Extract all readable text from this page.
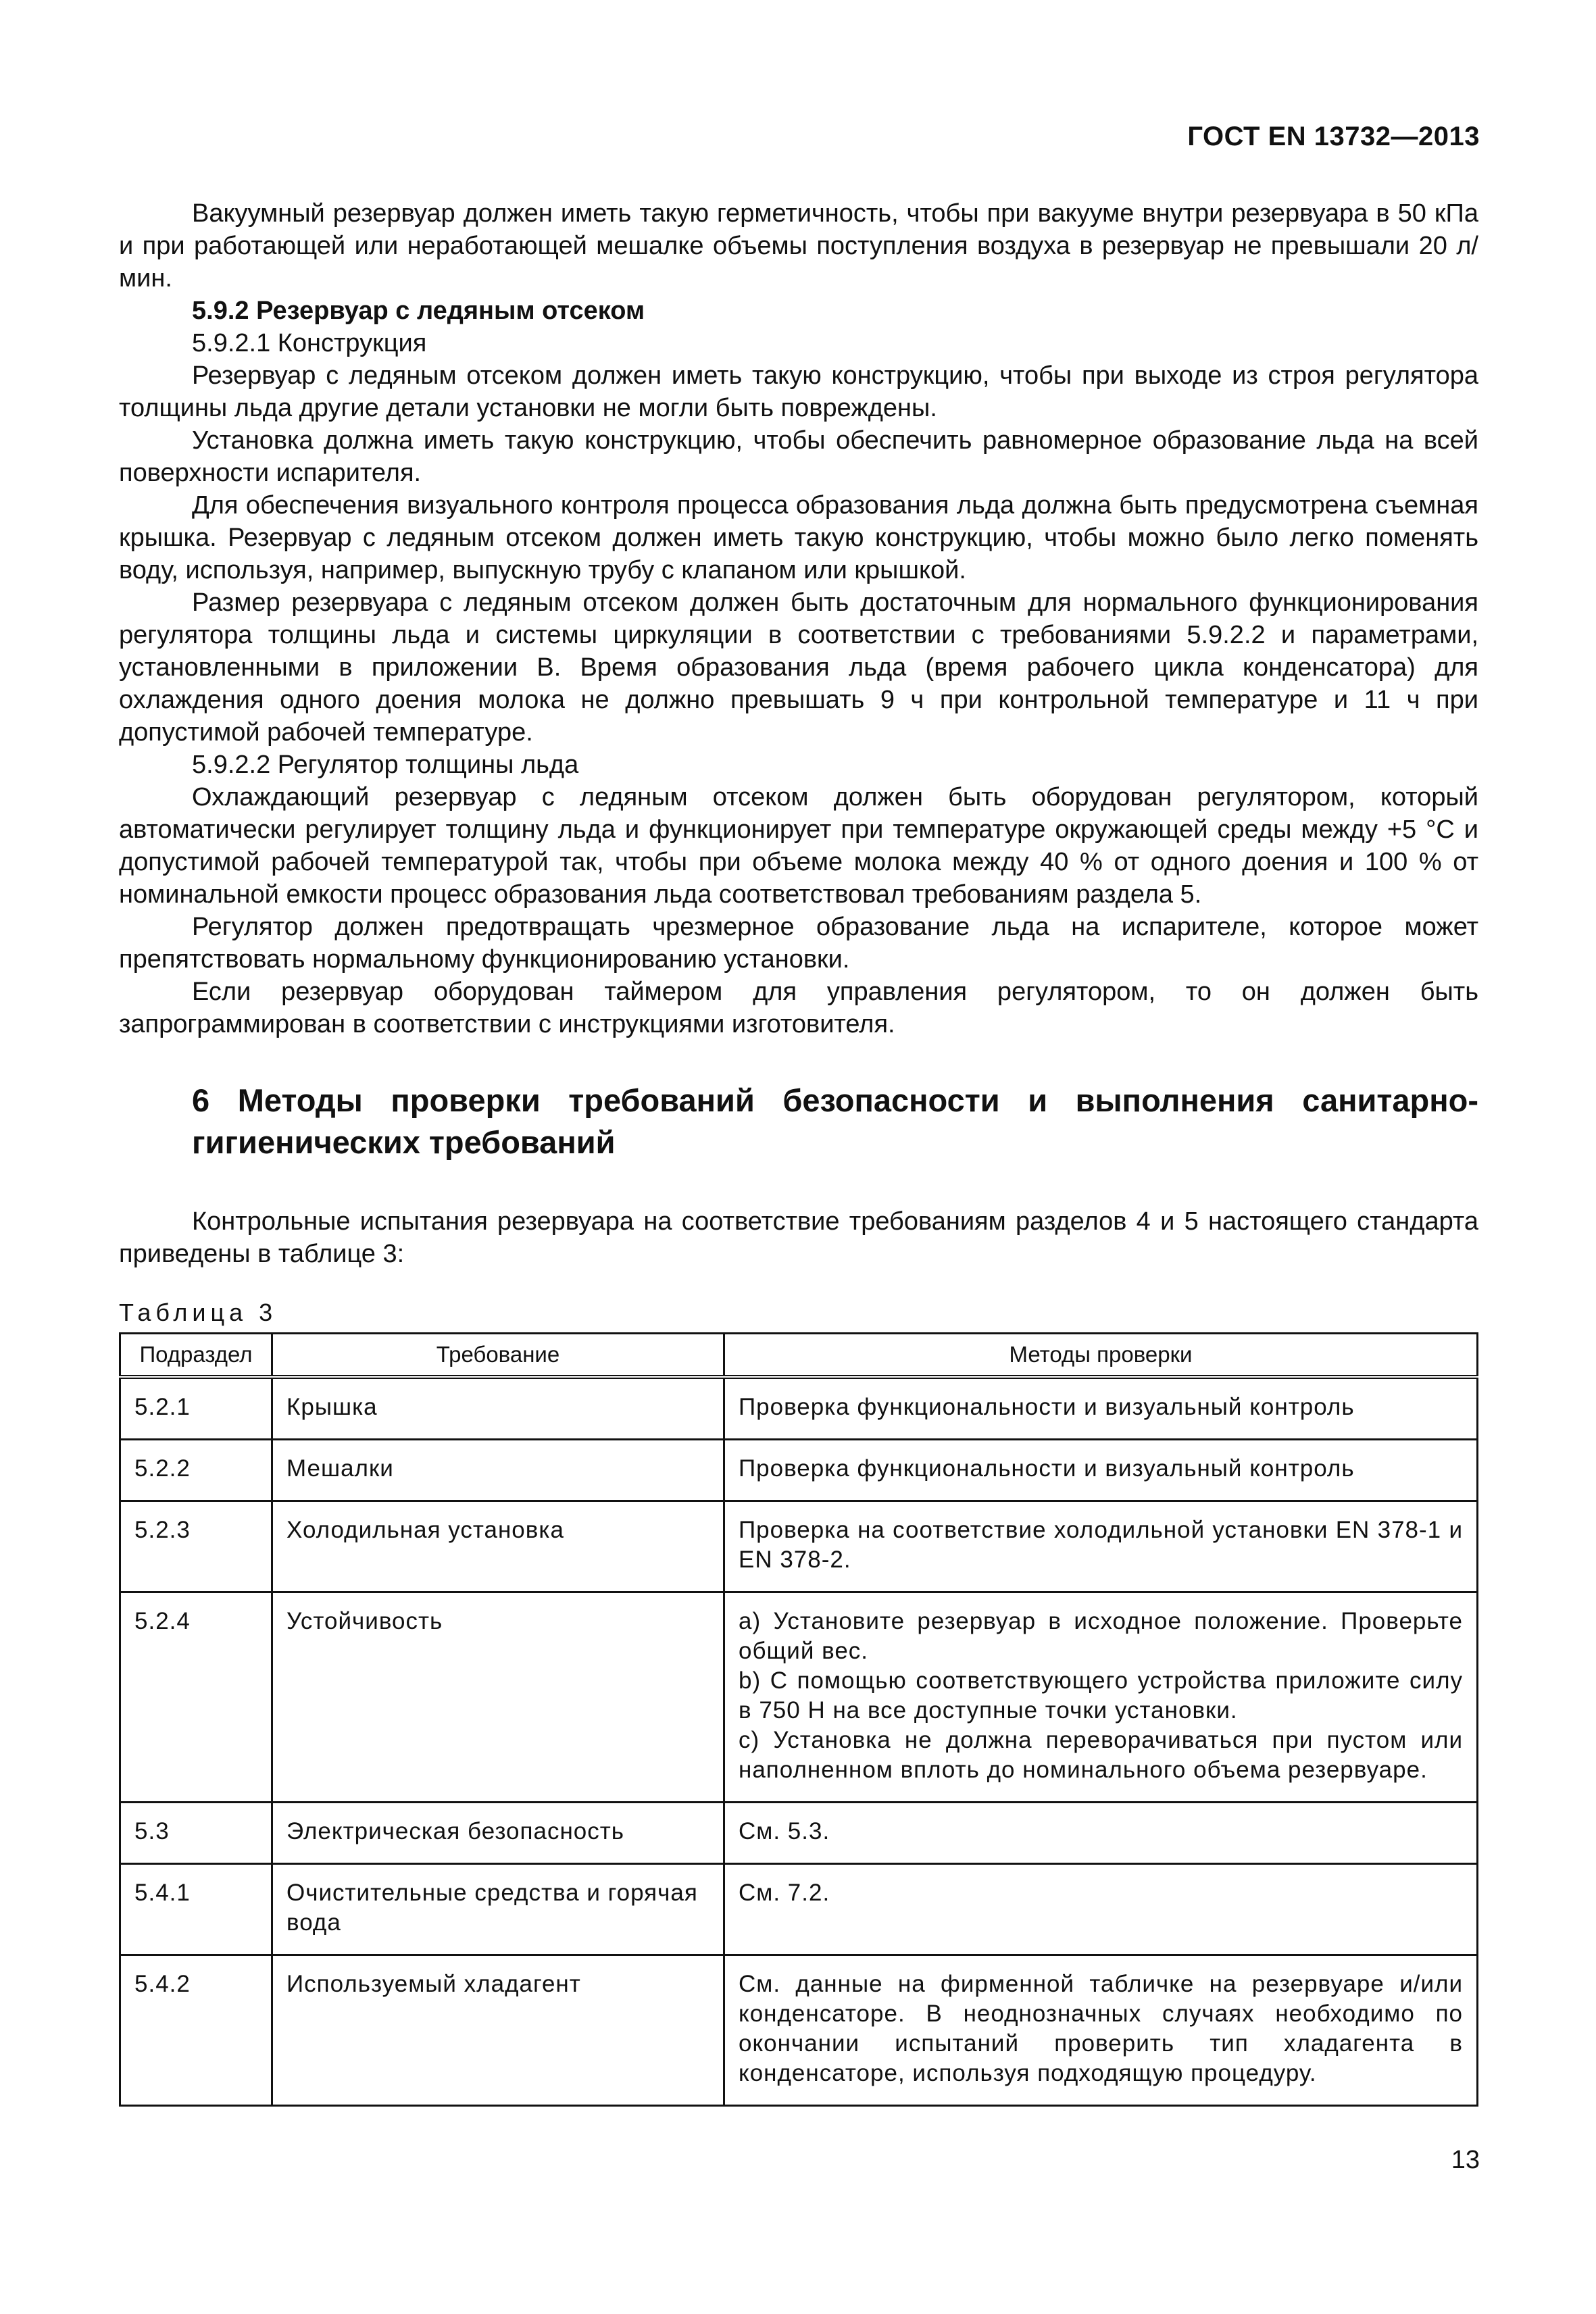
ГОСТ EN 13732—2013

Вакуумный резервуар должен иметь такую герметичность, чтобы при вакууме внутри резервуара в 50 кПа и при работающей или неработающей мешалке объемы поступления воздуха в резервуар не превышали 20 л/мин.

5.9.2 Резервуар с ледяным отсеком

5.9.2.1 Конструкция

Резервуар с ледяным отсеком должен иметь такую конструкцию, чтобы при выходе из строя регулятора толщины льда другие детали установки не могли быть повреждены.

Установка должна иметь такую конструкцию, чтобы обеспечить равномерное образование льда на всей поверхности испарителя.

Для обеспечения визуального контроля процесса образования льда должна быть предусмотрена съемная крышка. Резервуар с ледяным отсеком должен иметь такую конструкцию, чтобы можно было легко поменять воду, используя, например, выпускную трубу с клапаном или крышкой.

Размер резервуара с ледяным отсеком должен быть достаточным для нормального функционирования регулятора толщины льда и системы циркуляции в соответствии с требованиями 5.9.2.2 и параметрами, установленными в приложении В. Время образования льда (время рабочего цикла конденсатора) для охлаждения одного доения молока не должно превышать 9 ч при контрольной температуре и 11 ч при допустимой рабочей температуре.

5.9.2.2 Регулятор толщины льда

Охлаждающий резервуар с ледяным отсеком должен быть оборудован регулятором, который автоматически регулирует толщину льда и функционирует при температуре окружающей среды между +5 °С и допустимой рабочей температурой так, чтобы при объеме молока между 40 % от одного доения и 100 % от номинальной емкости процесс образования льда соответствовал требованиям раздела 5.

Регулятор должен предотвращать чрезмерное образование льда на испарителе, которое может препятствовать нормальному функционированию установки.

Если резервуар оборудован таймером для управления регулятором, то он должен быть запрограммирован в соответствии с инструкциями изготовителя.

6 Методы проверки требований безопасности и выполнения санитарно-гигиенических требований

Контрольные испытания резервуара на соответствие требованиям разделов 4 и 5 настоящего стандарта приведены в таблице 3:

Таблица 3
Подраздел	Требование	Методы проверки
5.2.1	Крышка	Проверка функциональности и визуальный контроль

5.2.2	Мешалки	Проверка функциональности и визуальный контроль

5.2.3	Холодильная установка	Проверка на соответствие холодильной установки EN 378-1 и EN 378-2.

5.2.4	Устойчивость	a) Установите резервуар в исходное положение. Проверьте общий вес.
b) С помощью соответствующего устройства приложите силу в 750 Н на все доступные точки установки.
c) Установка не должна переворачиваться при пустом или наполненном вплоть до номинального объема резервуаре.

5.3	Электрическая безопасность	См. 5.3.

5.4.1	Очистительные средства и горячая вода	См. 7.2.

5.4.2	Используемый хладагент	См. данные на фирменной табличке на резервуаре и/или конденсаторе. В неоднозначных случаях необходимо по окончании испытаний проверить тип хладагента в конденсаторе, используя подходящую процедуру.
13
